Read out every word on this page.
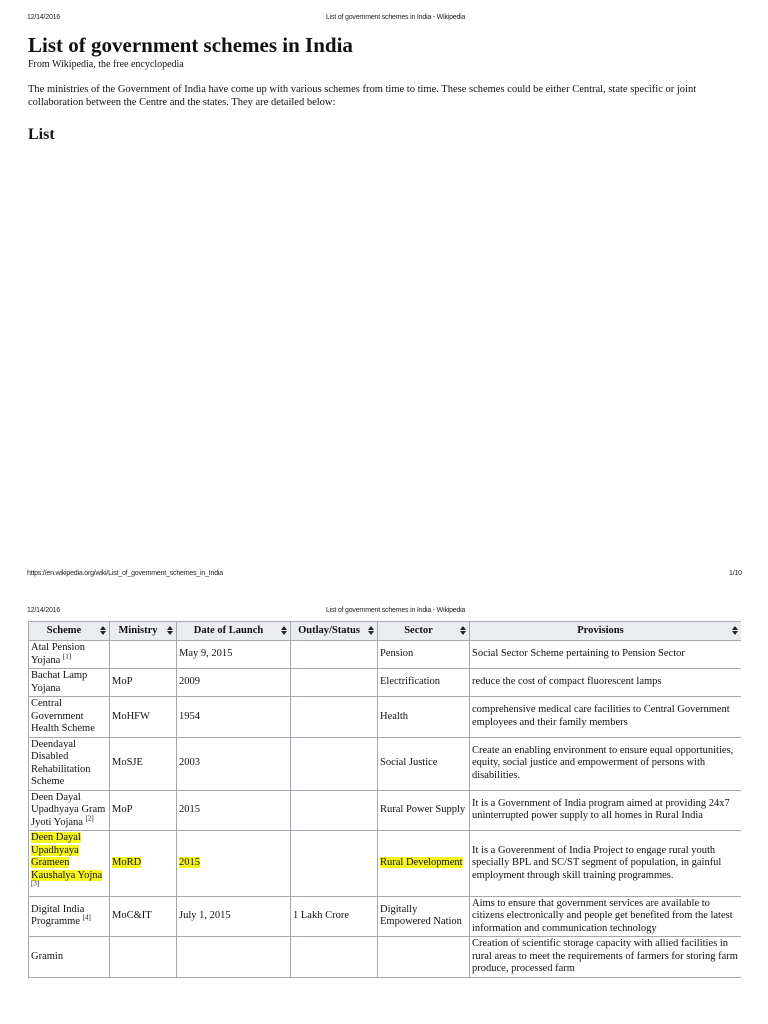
12/14/2016	List of government schemes in India - Wikipedia
List of government schemes in India
From Wikipedia, the free encyclopedia

The ministries of the Government of India have come up with various schemes from time to time. These schemes could be either Central, state specific or joint collaboration between the Centre and the states. They are detailed below:

List
https://en.wikipedia.org/wiki/List_of_government_schemes_in_India	1/10
12/14/2016	List of government schemes in India - Wikipedia
Scheme	Ministry	Date of Launch	Outlay/Status	Sector	Provisions

Atal Pension Yojana [1]		May 9, 2015		Pension	Social Sector Scheme pertaining to Pension Sector
Bachat Lamp Yojana	MoP	2009		Electrification	reduce the cost of compact fluorescent lamps
Central Government Health Scheme	MoHFW	1954		Health	comprehensive medical care facilities to Central Government employees and their family members
Deendayal Disabled Rehabilitation Scheme	MoSJE	2003		Social Justice	Create an enabling environment to ensure equal opportunities, equity, social justice and empowerment of persons with disabilities.
Deen Dayal Upadhyaya Gram Jyoti Yojana [2]	MoP	2015		Rural Power Supply	It is a Government of India program aimed at providing 24x7 uninterrupted power supply to all homes in Rural India
Deen Dayal Upadhyaya Grameen Kaushalya Yojna [3]	MoRD	2015		Rural Development	It is a Goverenment of India Project to engage rural youth specially BPL and SC/ST segment of population, in gainful employment through skill training programmes.
Digital India Programme [4]	MoC&IT	July 1, 2015	1 Lakh Crore	Digitally Empowered Nation	Aims to ensure that government services are available to citizens electronically and people get benefited from the latest information and communication technology
Gramin					Creation of scientific storage capacity with allied facilities in rural areas to meet the requirements of farmers for storing farm produce, processed farm
